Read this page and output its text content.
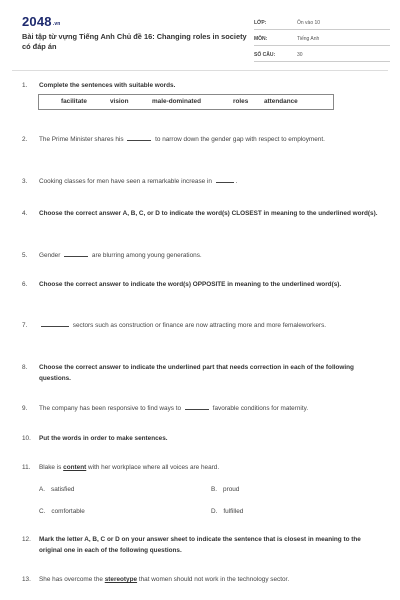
$2048^{.vn}$
Bài tập từ vựng Tiếng Anh Chủ đề 16: Changing roles in society có đáp án
LỚP:	Ôn vào 10
MÔN:	Tiếng Anh
SỐ CÂU:	30
1. Complete the sentences with suitable words.
facilitate	vision	male-dominated	roles attendance
2. The Prime Minister shares his	to narrow down the gender gap with respect to employment.
3. Cooking classes for men have seen a remarkable increase in	.
4. Choose the correct answer A, B, C, or D to indicate the word(s) CLOSEST in meaning to the underlined word(s).
5. Gender	are blurring among young generations.
6. Choose the correct answer to indicate the word(s) OPPOSITE in meaning to the underlined word(s).
7.	sectors such as construction or finance are now attracting more and more femaleworkers.
8. Choose the correct answer to indicate the underlined part that needs correction in each of the following questions.
9. The company has been responsive to find ways to	favorable conditions for maternity.
10. Put the words in order to make sentences.
11. Blake is content with her workplace where all voices are heard.
A. satisfied	B. proud
C. comfortable	D. fulfilled
12. Mark the letter A, B, C or D on your answer sheet to indicate the sentence that is closest in meaning to the original one in each of the following questions.
13. She has overcome the stereotype that women should not work in the technology sector.
